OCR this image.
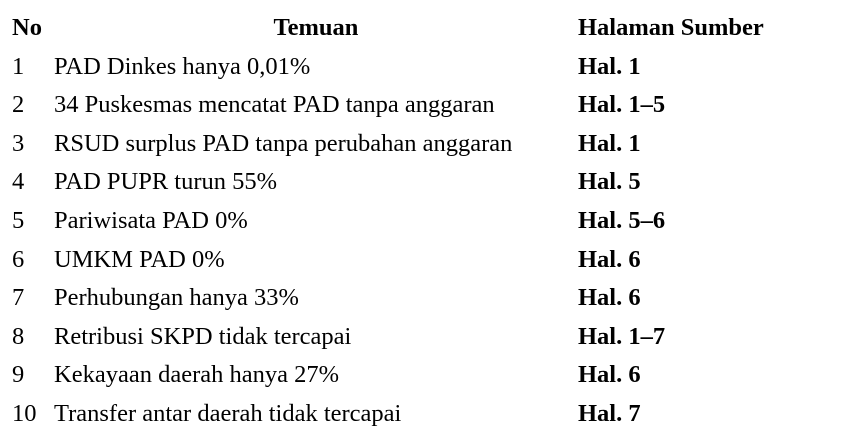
No	Temuan	Halaman Sumber
1	PAD Dinkes hanya 0,01%	Hal. 1
2	34 Puskesmas mencatat PAD tanpa anggaran	Hal. 1–5
3	RSUD surplus PAD tanpa perubahan anggaran	Hal. 1
4	PAD PUPR turun 55%	Hal. 5
5	Pariwisata PAD 0%	Hal. 5–6
6	UMKM PAD 0%	Hal. 6
7	Perhubungan hanya 33%	Hal. 6
8	Retribusi SKPD tidak tercapai	Hal. 1–7
9	Kekayaan daerah hanya 27%	Hal. 6
10	Transfer antar daerah tidak tercapai	Hal. 7
